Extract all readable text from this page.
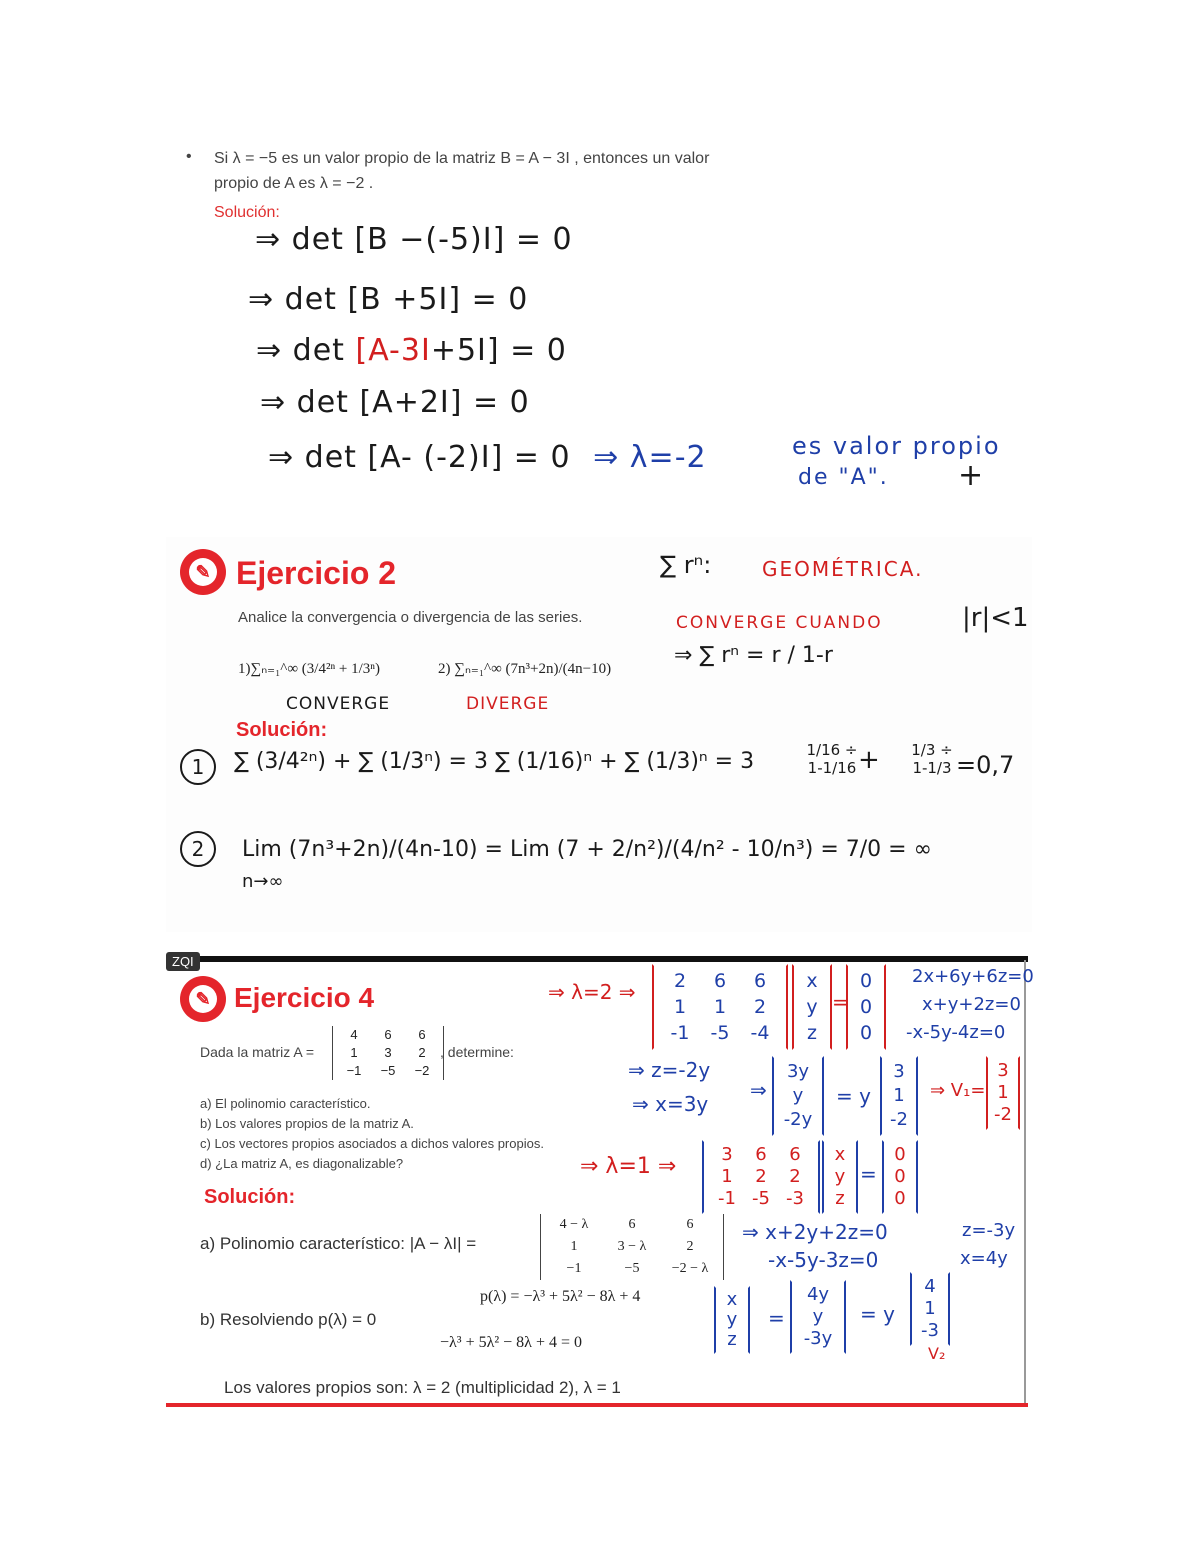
• Si λ = −5 es un valor propio de la matriz B = A − 3I , entonces un valor
propio de A es λ = −2 .
Solución:
⇒ det [B −(-5)I] = 0
⇒ det [B +5I] = 0
⇒ det [A-3I+5I] = 0
⇒ det [A+2I] = 0
⇒ det [A- (-2)I] = 0 ⇒ λ=-2	es valor propio
de "A". +
✎ Ejercicio 2
Analice la convergencia o divergencia de las series.
1)∑ₙ₌₁^∞ (3/4²ⁿ + 1/3ⁿ)	2) ∑ₙ₌₁^∞ (7n³+2n)/(4n−10)
CONVERGE	DIVERGE
∑ rⁿ:	GEOMÉTRICA.
CONVERGE CUANDO	|r|<1
⇒ ∑ rⁿ = r / 1-r
Solución:
1	∑ (3/4²ⁿ) + ∑ (1/3ⁿ) = 3 ∑ (1/16)ⁿ + ∑ (1/3)ⁿ = 3	1/16 ÷ 1-1/16 +	1/3 ÷ 1-1/3 =0,7
2	Lim (7n³+2n)/(4n-10) = Lim (7 + 2/n²)/(4/n² - 10/n³) = 7/0 = ∞
n→∞
ZQI
✎ Ejercicio 4
Dada la matriz A =
4	6	6
1	3	2
−1	−5	−2
, determine:
a) El polinomio característico.
b) Los valores propios de la matriz A.
c) Los vectores propios asociados a dichos valores propios.
d) ¿La matriz A, es diagonalizable?
Solución:
a) Polinomio característico: |A − λI| =
4 − λ	6	6
1	3 − λ	2
−1	−5	−2 − λ
p(λ) = −λ³ + 5λ² − 8λ + 4
b) Resolviendo p(λ) = 0
−λ³ + 5λ² − 8λ + 4 = 0
Los valores propios son: λ = 2 (multiplicidad 2), λ = 1
⇒ λ=2 ⇒	2	6	6
1	1	2
-1	-5	-4
x
y
z
=
0
0
0
2x+6y+6z=0
x+y+2z=0
-x-5y-4z=0
⇒ z=-2y
⇒ x=3y
⇒
3y
y
-2y
= y
3
1
-2
⇒ V₁=
3
1
-2
⇒ λ=1 ⇒	3	6	6
1	2	2
-1 -5 -3
x
y
z
=
0
0
0
⇒ x+2y+2z=0
-x-5y-3z=0
z=-3y
x=4y
x
y
z
=
4y
y
-3y
= y
4
1
-3
V₂
